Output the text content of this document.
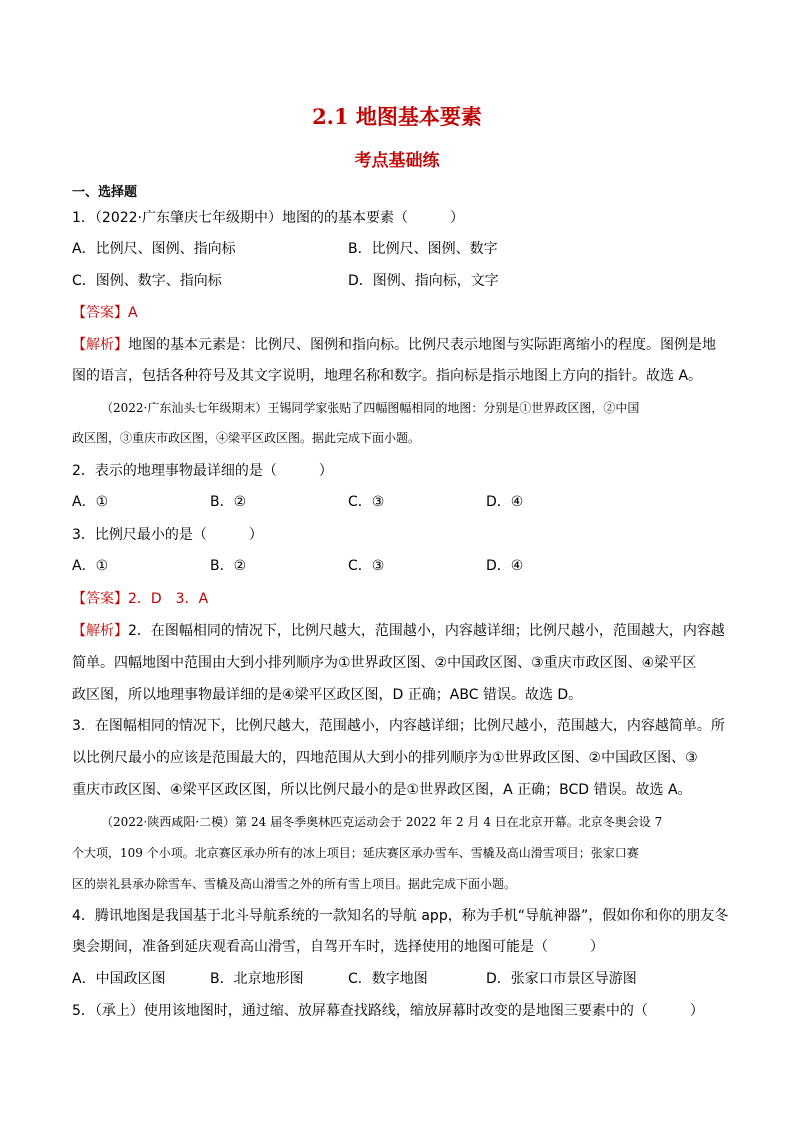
2.1 地图基本要素
考点基础练
一、选择题
1．（2022·广东肇庆七年级期中）地图的的基本要素（　　　）
A．比例尺、图例、指向标	B．比例尺、图例、数字
C．图例、数字、指向标	D．图例、指向标，文字
【答案】A
【解析】地图的基本元素是：比例尺、图例和指向标。比例尺表示地图与实际距离缩小的程度。图例是地
图的语言，包括各种符号及其文字说明，地理名称和数字。指向标是指示地图上方向的指针。故选 A。
（2022·广东汕头七年级期末）王锡同学家张贴了四幅图幅相同的地图：分别是①世界政区图，②中国
政区图，③重庆市政区图，④梁平区政区图。据此完成下面小题。
2．表示的地理事物最详细的是（　　　）
A．①	B．②	C．③	D．④
3．比例尺最小的是（　　　）
A．①	B．②	C．③	D．④
【答案】2．D　3．A
【解析】2．在图幅相同的情况下，比例尺越大，范围越小，内容越详细；比例尺越小，范围越大，内容越
简单。四幅地图中范围由大到小排列顺序为①世界政区图、②中国政区图、③重庆市政区图、④梁平区
政区图，所以地理事物最详细的是④梁平区政区图，D 正确；ABC 错误。故选 D。
3．在图幅相同的情况下，比例尺越大，范围越小，内容越详细；比例尺越小，范围越大，内容越简单。所
以比例尺最小的应该是范围最大的，四地范围从大到小的排列顺序为①世界政区图、②中国政区图、③
重庆市政区图、④梁平区政区图，所以比例尺最小的是①世界政区图，A 正确；BCD 错误。故选 A。
（2022·陕西咸阳·二模）第 24 届冬季奥林匹克运动会于 2022 年 2 月 4 日在北京开幕。北京冬奥会设 7
个大项，109 个小项。北京赛区承办所有的冰上项目；延庆赛区承办雪车、雪橇及高山滑雪项目；张家口赛
区的崇礼县承办除雪车、雪橇及高山滑雪之外的所有雪上项目。据此完成下面小题。
4．腾讯地图是我国基于北斗导航系统的一款知名的导航 app，称为手机“导航神器”，假如你和你的朋友冬
奥会期间，准备到延庆观看高山滑雪，自驾开车时，选择使用的地图可能是（　　　）
A．中国政区图	B．北京地形图	C．数字地图	D．张家口市景区导游图
5．（承上）使用该地图时，通过缩、放屏幕查找路线，缩放屏幕时改变的是地图三要素中的（　　　）
